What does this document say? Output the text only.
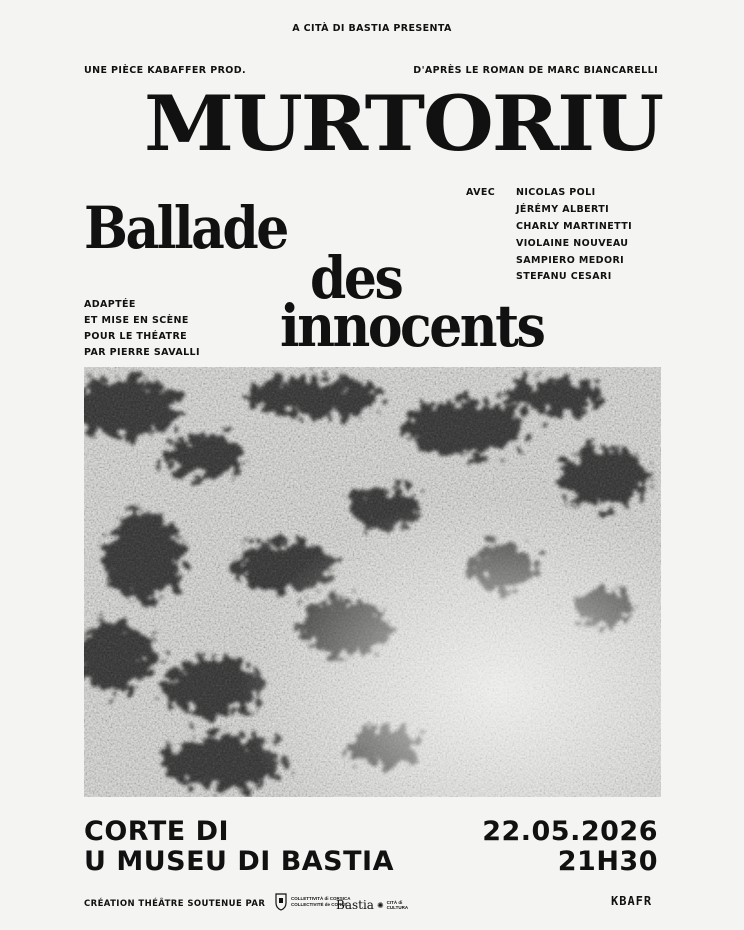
A CITÀ DI BASTIA PRESENTA
UNE PIÈCE KABAFFER PROD.	D'APRÈS LE ROMAN DE MARC BIANCARELLI
MURTORIU
Ballade
des
innocents
AVEC NICOLAS POLI
JÉRÉMY ALBERTI
CHARLY MARTINETTI
VIOLAINE NOUVEAU
SAMPIERO MEDORI
STEFANU CESARI
ADAPTÉE
ET MISE EN SCÈNE
POUR LE THÉATRE
PAR PIERRE SAVALLI
CORTE DI
U MUSEU DI BASTIA
22.05.2026
21H30
CRÉATION THÉÂTRE SOUTENUE PAR
COLLETTIVITÀ di CORSICA
COLLECTIVITÉ de CORSE
Bastia ✺ CITÀ di
CULTURA	KBAFR
